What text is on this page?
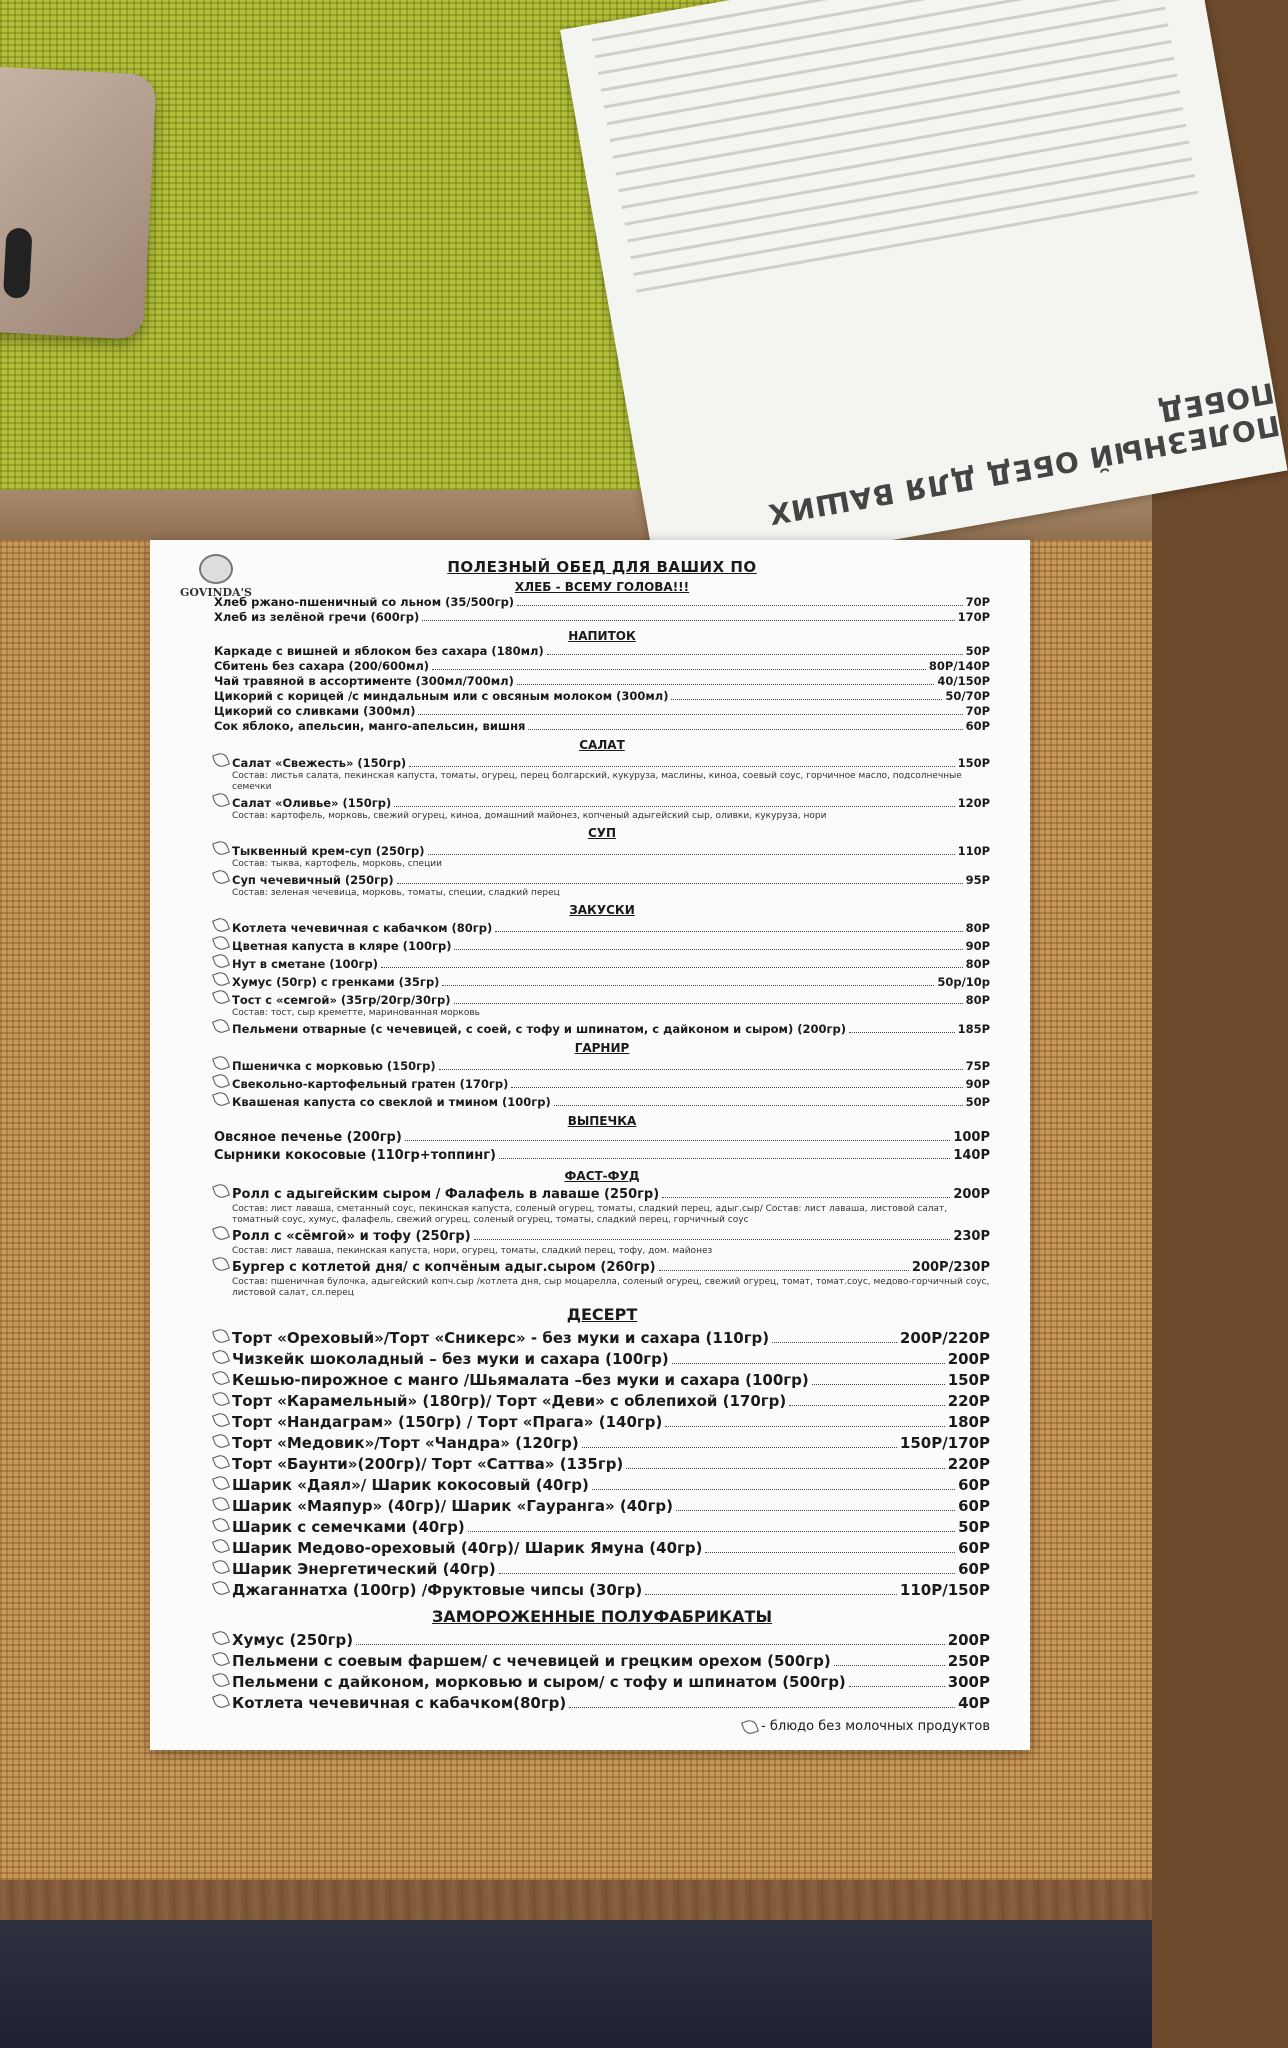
ПОЛЕЗНЫЙ ОБЕД ДЛЯ ВАШИХ ПОБЕД
GOVINDA'S
ПОЛЕЗНЫЙ ОБЕД ДЛЯ ВАШИХ ПО
ХЛЕБ - ВСЕМУ ГОЛОВА!!!
Хлеб ржано-пшеничный со льном (35/500гр)	70Р
Хлеб из зелёной гречи (600гр)	170Р
НАПИТОК
Каркаде с вишней и яблоком без сахара (180мл)	50Р
Сбитень без сахара (200/600мл)	80Р/140Р
Чай травяной в ассортименте (300мл/700мл)	40/150Р
Цикорий с корицей /с миндальным или с овсяным молоком (300мл)	50/70Р
Цикорий со сливками (300мл)	70Р
Сок яблоко, апельсин, манго-апельсин, вишня	60Р
САЛАТ
Салат «Свежесть» (150гр)	150Р
Состав: листья салата, пекинская капуста, томаты, огурец, перец болгарский, кукуруза, маслины, киноа, соевый соус, горчичное масло, подсолнечные семечки
Салат «Оливье» (150гр)	120Р
Состав: картофель, морковь, свежий огурец, киноа, домашний майонез, копченый адыгейский сыр, оливки, кукуруза, нори
СУП
Тыквенный крем-суп (250гр)	110Р
Состав: тыква, картофель, морковь, специи
Суп чечевичный (250гр)	95Р
Состав: зеленая чечевица, морковь, томаты, специи, сладкий перец
ЗАКУСКИ
Котлета чечевичная с кабачком (80гр)	80Р
Цветная капуста в кляре (100гр)	90Р
Нут в сметане (100гр)	80Р
Хумус (50гр) с гренками (35гр)	50р/10р
Тост с «семгой» (35гр/20гр/30гр)	80Р
Состав: тост, сыр креметте, маринованная морковь
Пельмени отварные (с чечевицей, с соей, с тофу и шпинатом, с дайконом и сыром) (200гр)	185Р
ГАРНИР
Пшеничка с морковью (150гр)	75Р
Свекольно-картофельный гратен (170гр)	90Р
Квашеная капуста со свеклой и тмином (100гр)	50Р
ВЫПЕЧКА
Овсяное печенье (200гр)	100Р
Сырники кокосовые (110гр+топпинг)	140Р
ФАСТ-ФУД
Ролл с адыгейским сыром / Фалафель в лаваше (250гр)	200Р
Состав: лист лаваша, сметанный соус, пекинская капуста, соленый огурец, томаты, сладкий перец, адыг.сыр/ Состав: лист лаваша, листовой салат, томатный соус, хумус, фалафель, свежий огурец, соленый огурец, томаты, сладкий перец, горчичный соус
Ролл с «сёмгой» и тофу (250гр)	230Р
Состав: лист лаваша, пекинская капуста, нори, огурец, томаты, сладкий перец, тофу, дом. майонез
Бургер с котлетой дня/ с копчёным адыг.сыром (260гр)	200Р/230Р
Состав: пшеничная булочка, адыгейский копч.сыр /котлета дня, сыр моцарелла, соленый огурец, свежий огурец, томат, томат.соус, медово-горчичный соус, листовой салат, сл.перец
ДЕСЕРТ
Торт «Ореховый»/Торт «Сникерс» - без муки и сахара (110гр)	200Р/220Р
Чизкейк шоколадный – без муки и сахара (100гр)	200Р
Кешью-пирожное с манго /Шьямалата –без муки и сахара (100гр)	150Р
Торт «Карамельный» (180гр)/ Торт «Деви» с облепихой (170гр)	220Р
Торт «Нандаграм» (150гр) / Торт «Прага» (140гр)	180Р
Торт «Медовик»/Торт «Чандра» (120гр)	150Р/170Р
Торт «Баунти»(200гр)/ Торт «Саттва» (135гр)	220Р
Шарик «Даял»/ Шарик кокосовый (40гр)	60Р
Шарик «Маяпур» (40гр)/ Шарик «Гауранга» (40гр)	60Р
Шарик с семечками (40гр)	50Р
Шарик Медово-ореховый (40гр)/ Шарик Ямуна (40гр)	60Р
Шарик Энергетический (40гр)	60Р
Джаганнатха (100гр) /Фруктовые чипсы (30гр)	110Р/150Р
ЗАМОРОЖЕННЫЕ ПОЛУФАБРИКАТЫ
Хумус (250гр)	200Р
Пельмени с соевым фаршем/ с чечевицей и грецким орехом (500гр)	250Р
Пельмени с дайконом, морковью и сыром/ с тофу и шпинатом (500гр)	300Р
Котлета чечевичная с кабачком(80гр)	40Р
- блюдо без молочных продуктов
